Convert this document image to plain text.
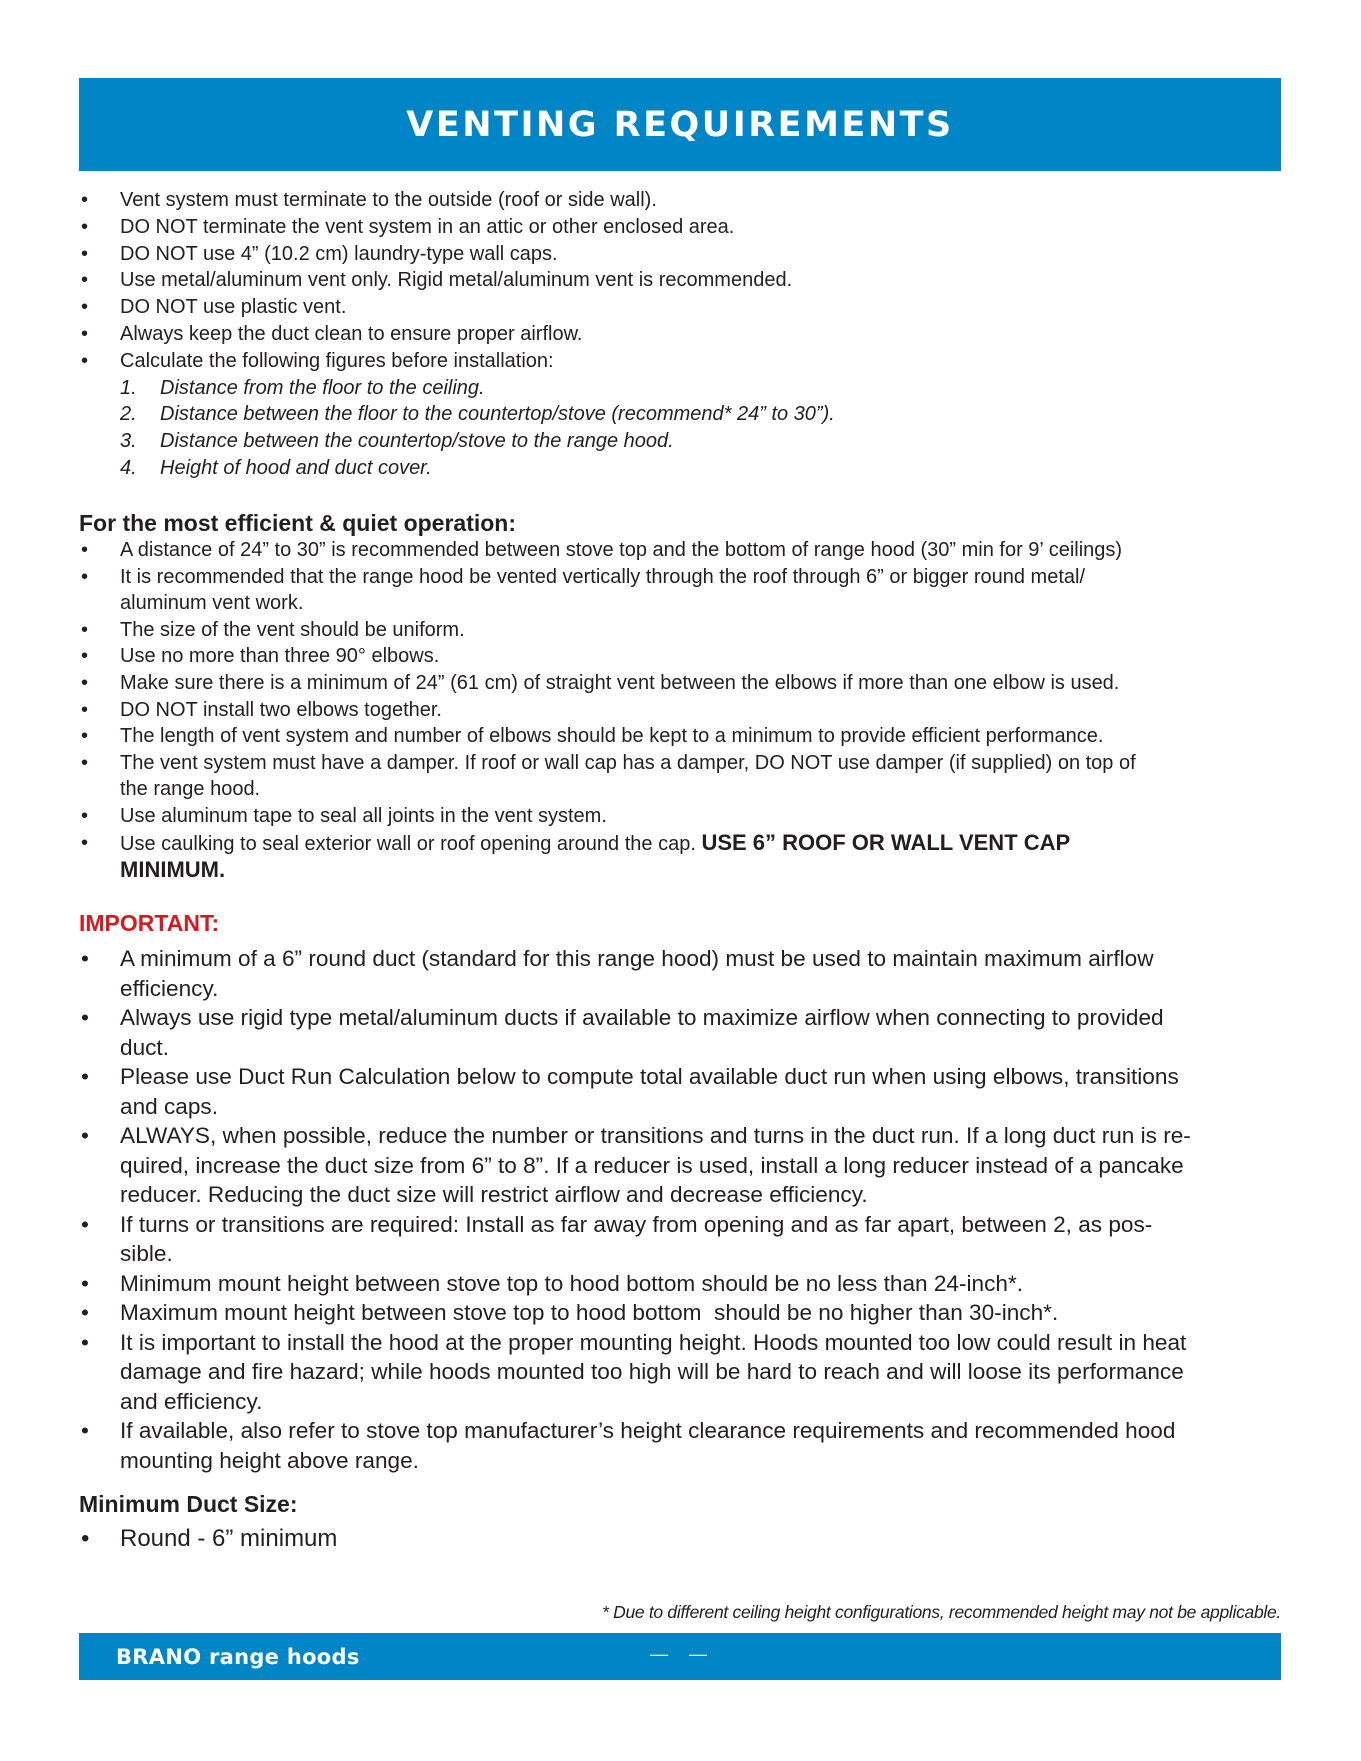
VENTING REQUIREMENTS
• Vent system must terminate to the outside (roof or side wall).
• DO NOT terminate the vent system in an attic or other enclosed area.
• DO NOT use 4” (10.2 cm) laundry-type wall caps.
• Use metal/aluminum vent only. Rigid metal/aluminum vent is recommended.
• DO NOT use plastic vent.
• Always keep the duct clean to ensure proper airflow.
• Calculate the following figures before installation:
1. Distance from the floor to the ceiling.
2. Distance between the floor to the countertop/stove (recommend* 24” to 30”).
3. Distance between the countertop/stove to the range hood.
4. Height of hood and duct cover.
For the most efficient & quiet operation:
• A distance of 24” to 30” is recommended between stove top and the bottom of range hood (30” min for 9’ ceilings)
• It is recommended that the range hood be vented vertically through the roof through 6” or bigger round metal/
aluminum vent work.
• The size of the vent should be uniform.
• Use no more than three 90° elbows.
• Make sure there is a minimum of 24” (61 cm) of straight vent between the elbows if more than one elbow is used.
• DO NOT install two elbows together.
• The length of vent system and number of elbows should be kept to a minimum to provide efficient performance.
• The vent system must have a damper. If roof or wall cap has a damper, DO NOT use damper (if supplied) on top of
the range hood.
• Use aluminum tape to seal all joints in the vent system.
• Use caulking to seal exterior wall or roof opening around the cap. USE 6” ROOF OR WALL VENT CAP
MINIMUM.
IMPORTANT:
• A minimum of a 6” round duct (standard for this range hood) must be used to maintain maximum airflow
efficiency.
• Always use rigid type metal/aluminum ducts if available to maximize airflow when connecting to provided
duct.
• Please use Duct Run Calculation below to compute total available duct run when using elbows, transitions
and caps.
• ALWAYS, when possible, reduce the number or transitions and turns in the duct run. If a long duct run is re-
quired, increase the duct size from 6” to 8”. If a reducer is used, install a long reducer instead of a pancake
reducer. Reducing the duct size will restrict airflow and decrease efficiency.
• If turns or transitions are required: Install as far away from opening and as far apart, between 2, as pos-
sible.
• Minimum mount height between stove top to hood bottom should be no less than 24-inch*.
• Maximum mount height between stove top to hood bottom  should be no higher than 30-inch*.
• It is important to install the hood at the proper mounting height. Hoods mounted too low could result in heat
damage and fire hazard; while hoods mounted too high will be hard to reach and will loose its performance
and efficiency.
• If available, also refer to stove top manufacturer’s height clearance requirements and recommended hood
mounting height above range.
Minimum Duct Size:
• Round - 6” minimum
* Due to different ceiling height configurations, recommended height may not be applicable.
BRANO range hoods	— —
